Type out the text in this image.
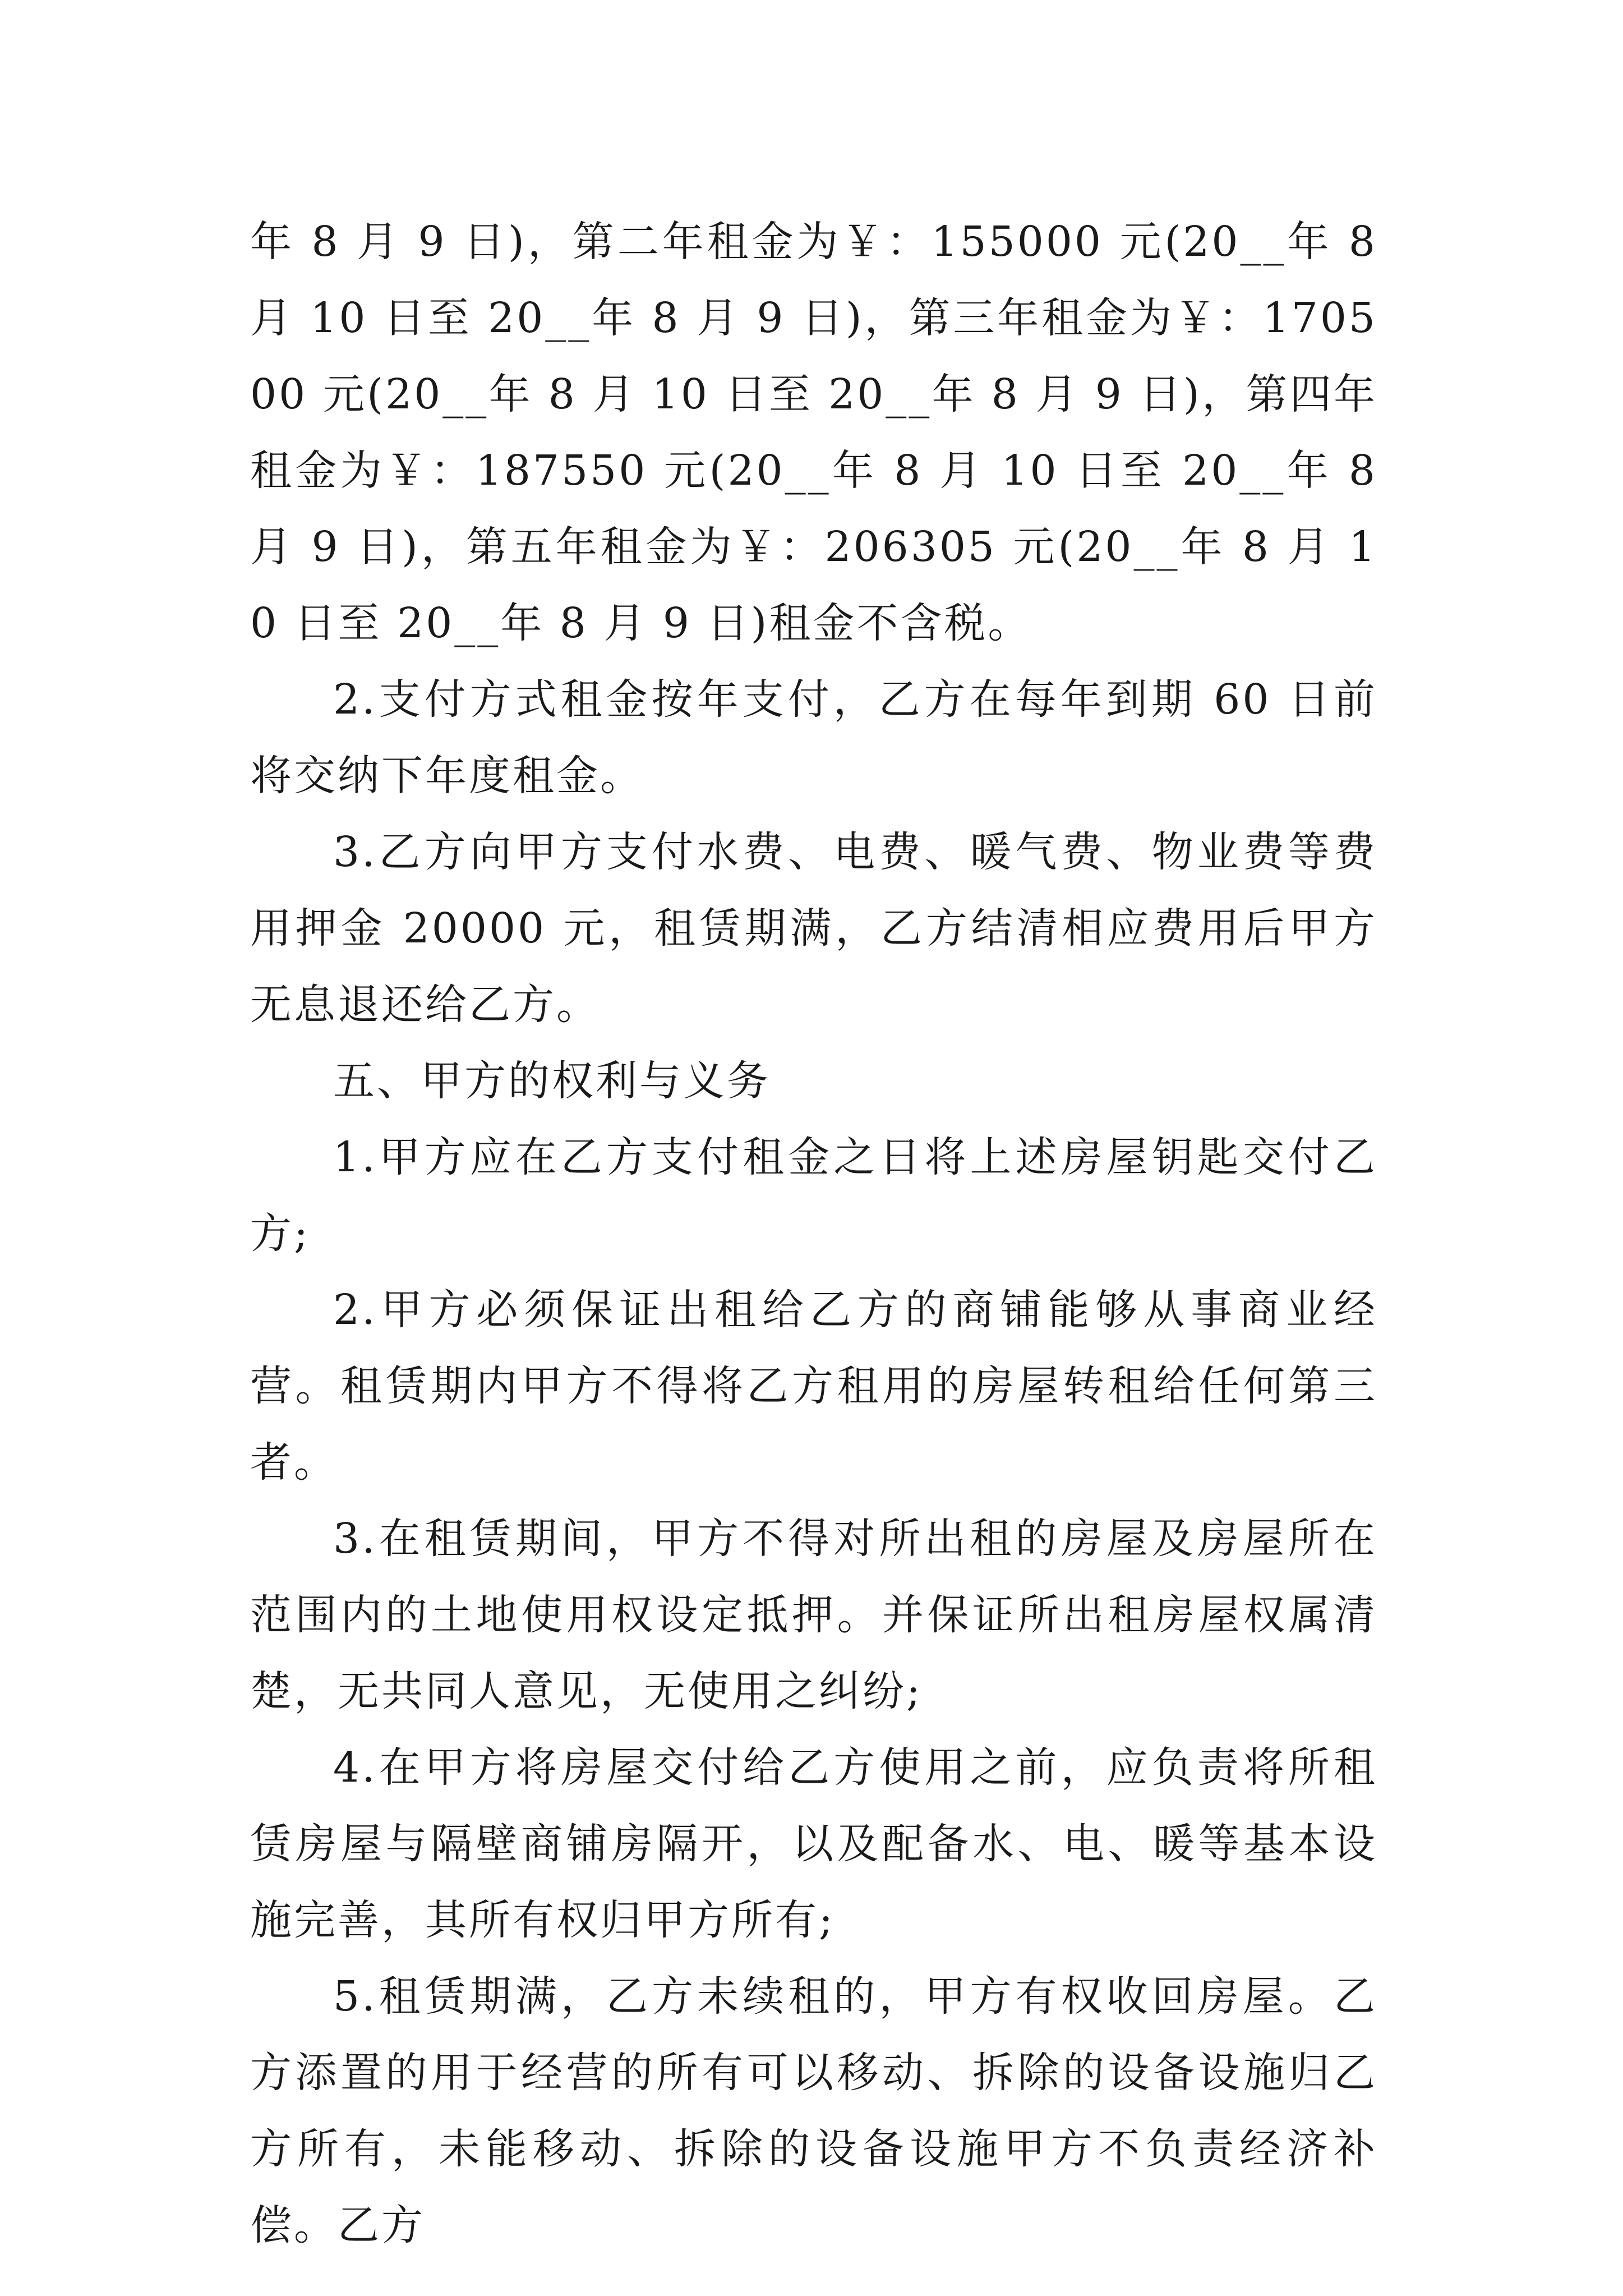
年 8 月 9 日)，第二年租金为￥：155000 元(20__年 8 月 10 日至 20__年 8 月 9 日)，第三年租金为￥：170500 元(20__年 8 月 10 日至 20__年 8 月 9 日)，第四年租金为￥：187550 元(20__年 8 月 10 日至 20__年 8 月 9 日)，第五年租金为￥：206305 元(20__年 8 月 10 日至 20__年 8 月 9 日)租金不含税。

2.支付方式租金按年支付，乙方在每年到期 60 日前将交纳下年度租金。

3.乙方向甲方支付水费、电费、暖气费、物业费等费用押金 20000 元，租赁期满，乙方结清相应费用后甲方无息退还给乙方。

五、甲方的权利与义务

1.甲方应在乙方支付租金之日将上述房屋钥匙交付乙方;

2.甲方必须保证出租给乙方的商铺能够从事商业经营。租赁期内甲方不得将乙方租用的房屋转租给任何第三者。

3.在租赁期间，甲方不得对所出租的房屋及房屋所在范围内的土地使用权设定抵押。并保证所出租房屋权属清楚，无共同人意见，无使用之纠纷;

4.在甲方将房屋交付给乙方使用之前，应负责将所租赁房屋与隔壁商铺房隔开，以及配备水、电、暖等基本设施完善，其所有权归甲方所有;

5.租赁期满，乙方未续租的，甲方有权收回房屋。乙方添置的用于经营的所有可以移动、拆除的设备设施归乙方所有，未能移动、拆除的设备设施甲方不负责经济补偿。乙方
